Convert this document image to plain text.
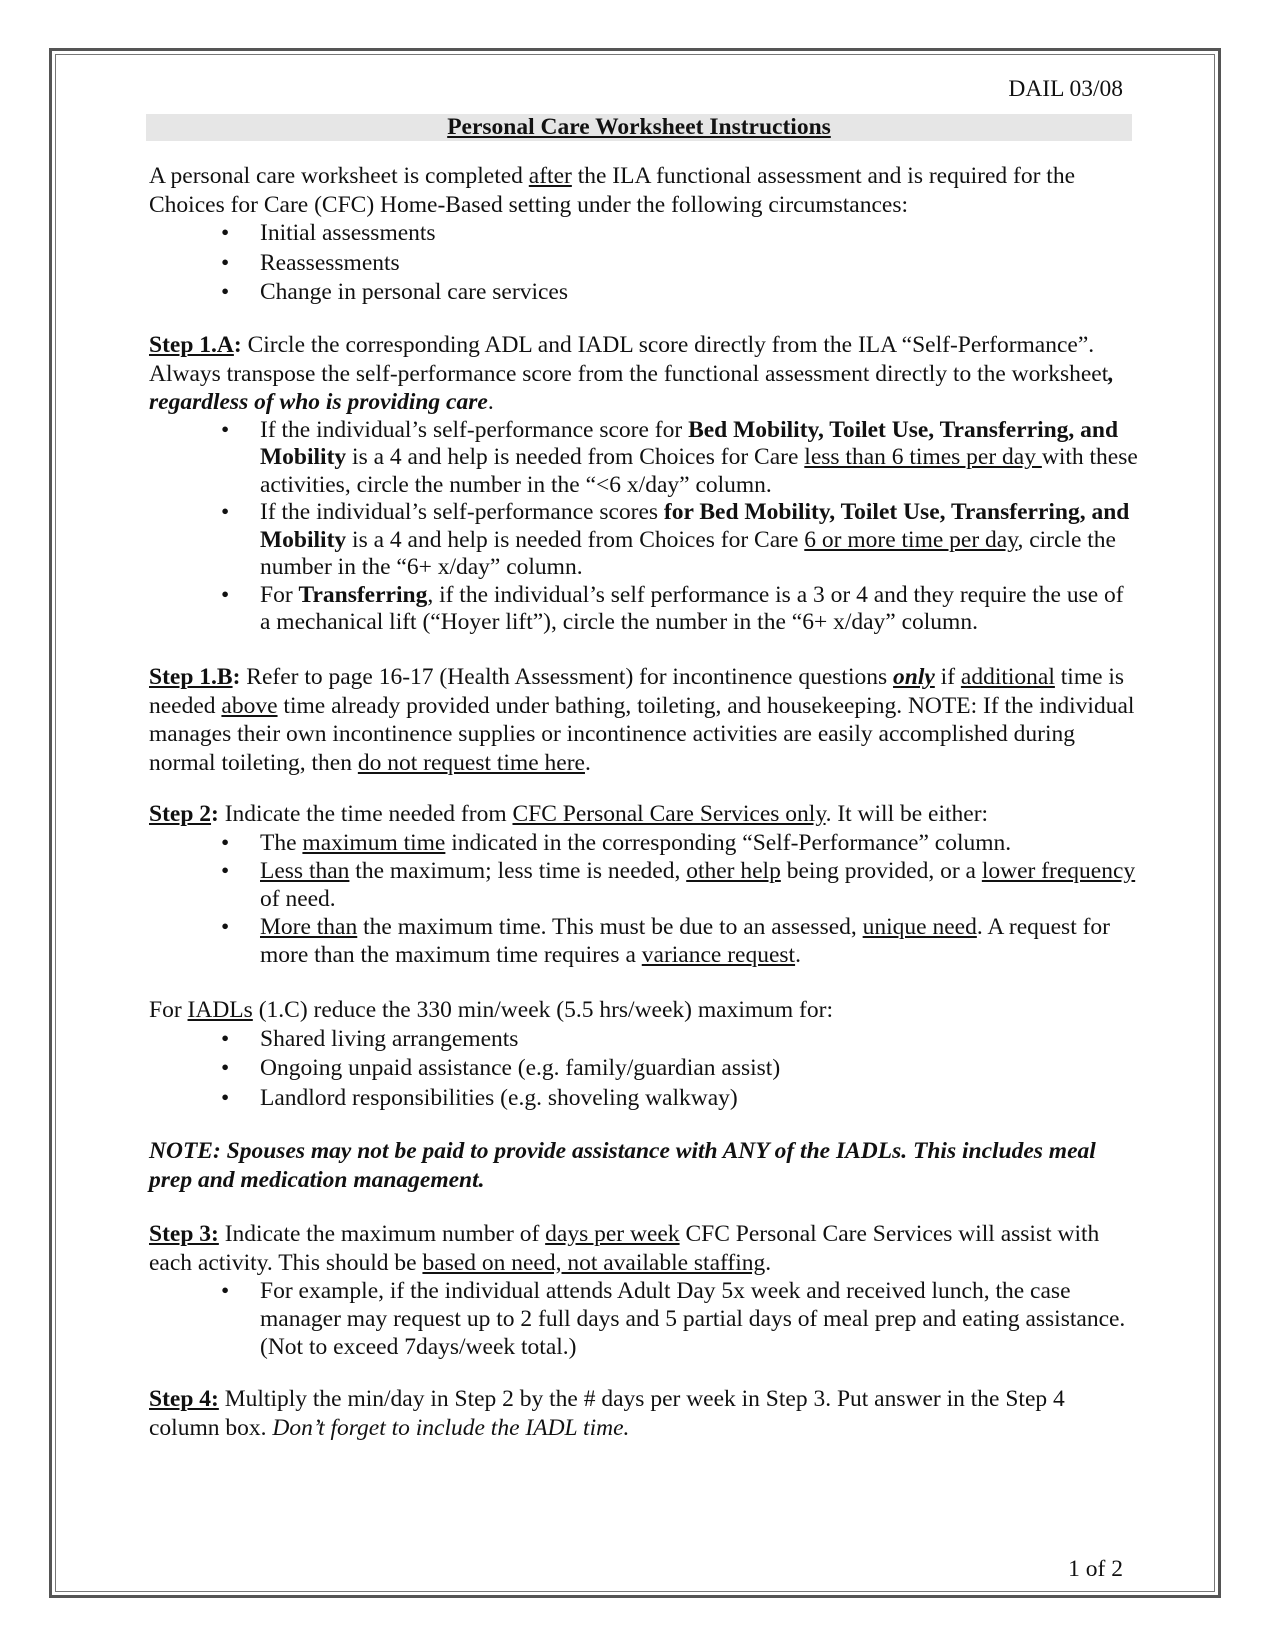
DAIL 03/08
Personal Care Worksheet Instructions

A personal care worksheet is completed after the ILA functional assessment and is required for the Choices for Care (CFC) Home-Based setting under the following circumstances:

• Initial assessments
• Reassessments
• Change in personal care services

Step 1.A: Circle the corresponding ADL and IADL score directly from the ILA “Self-Performance”. Always transpose the self-performance score from the functional assessment directly to the worksheet, regardless of who is providing care.

• If the individual’s self-performance score for Bed Mobility, Toilet Use, Transferring, and Mobility is a 4 and help is needed from Choices for Care less than 6 times per day with these activities, circle the number in the “<6 x/day” column.
• If the individual’s self-performance scores for Bed Mobility, Toilet Use, Transferring, and Mobility is a 4 and help is needed from Choices for Care 6 or more time per day, circle the number in the “6+ x/day” column.
• For Transferring, if the individual’s self performance is a 3 or 4 and they require the use of a mechanical lift (“Hoyer lift”), circle the number in the “6+ x/day” column.

Step 1.B: Refer to page 16-17 (Health Assessment) for incontinence questions only if additional time is needed above time already provided under bathing, toileting, and housekeeping. NOTE: If the individual manages their own incontinence supplies or incontinence activities are easily accomplished during normal toileting, then do not request time here.

Step 2: Indicate the time needed from CFC Personal Care Services only. It will be either:

• The maximum time indicated in the corresponding “Self-Performance” column.
• Less than the maximum; less time is needed, other help being provided, or a lower frequency of need.
• More than the maximum time. This must be due to an assessed, unique need. A request for more than the maximum time requires a variance request.

For IADLs (1.C) reduce the 330 min/week (5.5 hrs/week) maximum for:

• Shared living arrangements
• Ongoing unpaid assistance (e.g. family/guardian assist)
• Landlord responsibilities (e.g. shoveling walkway)

NOTE: Spouses may not be paid to provide assistance with ANY of the IADLs. This includes meal prep and medication management.

Step 3: Indicate the maximum number of days per week CFC Personal Care Services will assist with each activity. This should be based on need, not available staffing.

• For example, if the individual attends Adult Day 5x week and received lunch, the case manager may request up to 2 full days and 5 partial days of meal prep and eating assistance. (Not to exceed 7days/week total.)

Step 4: Multiply the min/day in Step 2 by the # days per week in Step 3. Put answer in the Step 4 column box. Don’t forget to include the IADL time.

1 of 2
